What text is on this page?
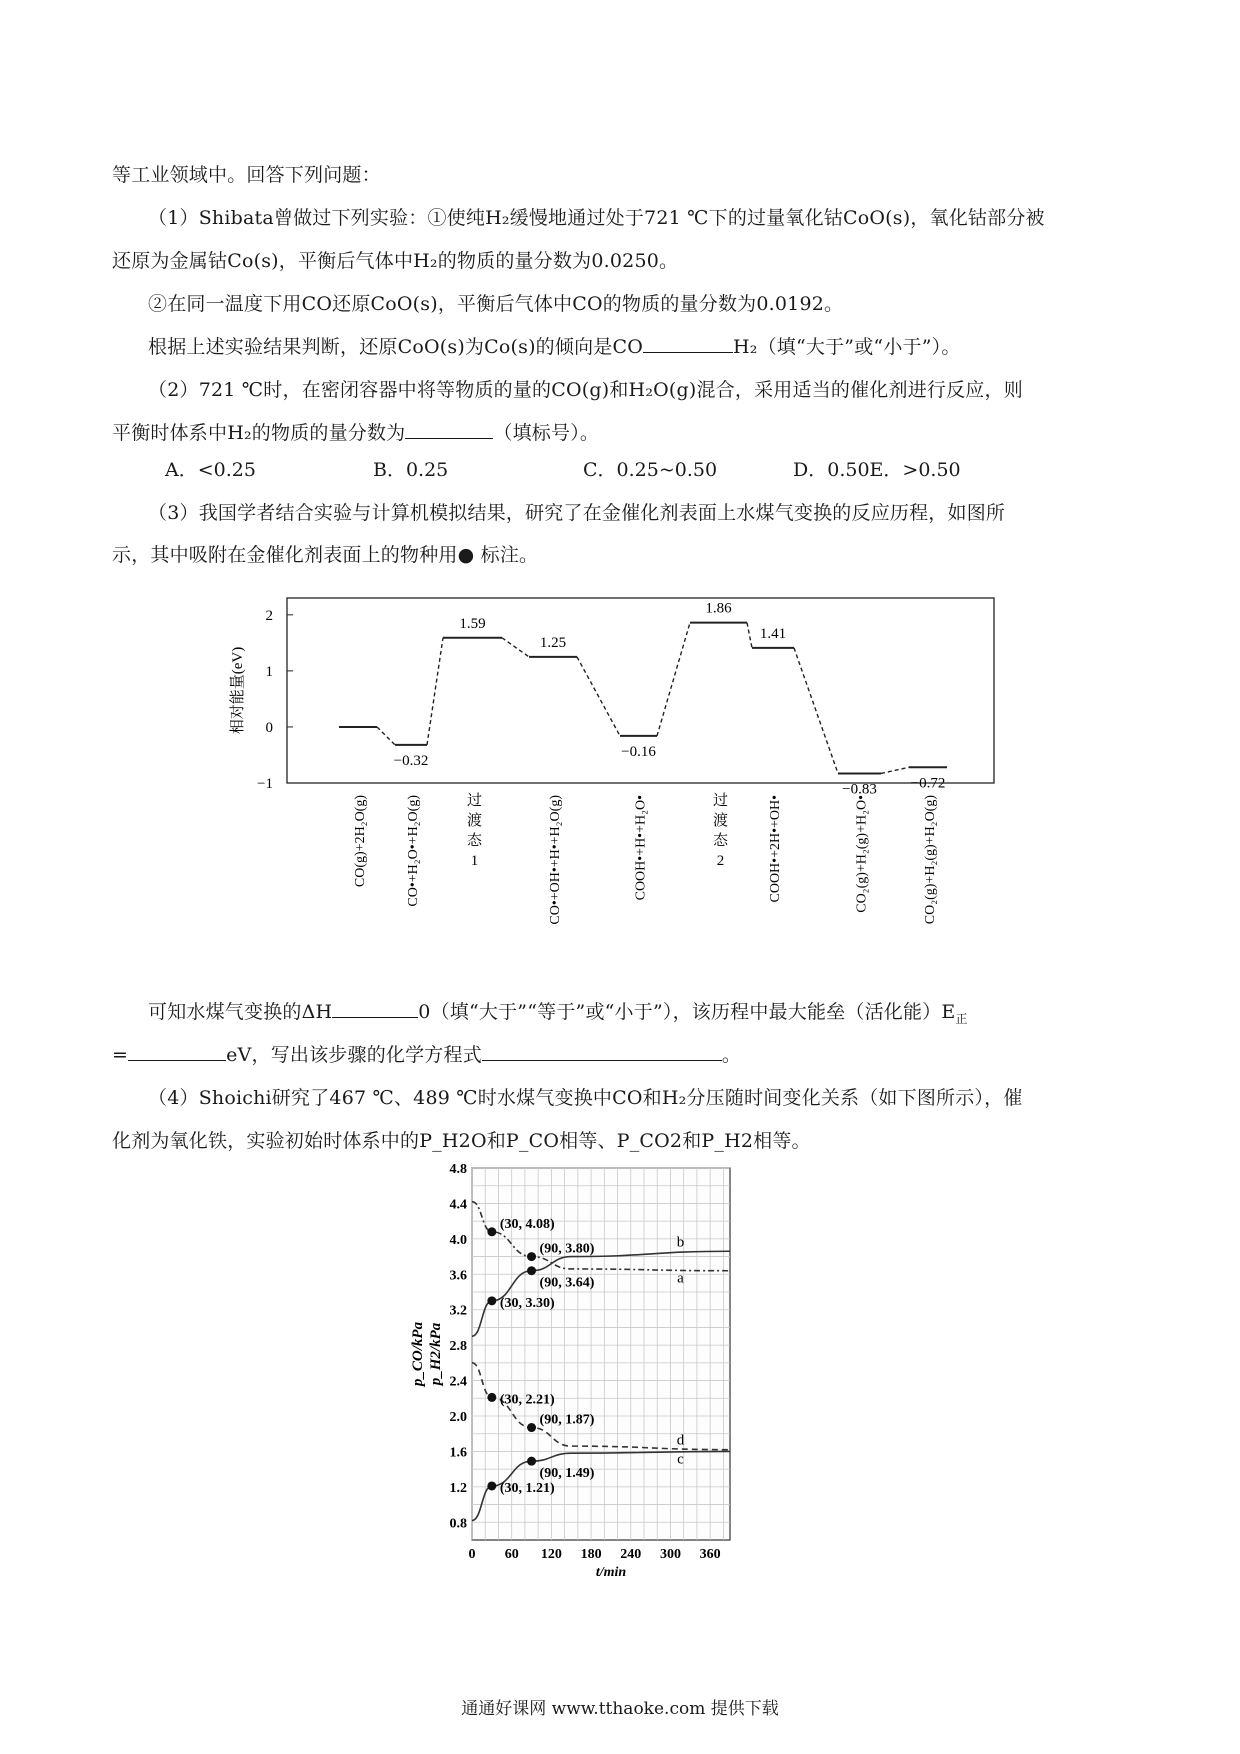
等工业领域中。回答下列问题：
（1）Shibata曾做过下列实验：①使纯H₂缓慢地通过处于721 ℃下的过量氧化钴CoO(s)，氧化钴部分被
还原为金属钴Co(s)，平衡后气体中H₂的物质的量分数为0.0250。
②在同一温度下用CO还原CoO(s)，平衡后气体中CO的物质的量分数为0.0192。
根据上述实验结果判断，还原CoO(s)为Co(s)的倾向是CO	H₂（填“大于”或“小于”）。
（2）721 ℃时，在密闭容器中将等物质的量的CO(g)和H₂O(g)混合，采用适当的催化剂进行反应，则
平衡时体系中H₂的物质的量分数为	（填标号）。
A．<0.25	B．0.25	C．0.25~0.50	D．0.50E．>0.50
（3）我国学者结合实验与计算机模拟结果，研究了在金催化剂表面上水煤气变换的反应历程，如图所
示，其中吸附在金催化剂表面上的物种用● 标注。
−1
0
1
2
相对能量(eV)
CO(g)+2H₂O(g)
−0.32
CO•+H₂O•+H₂O(g)
1.59
过
渡
态
1
1.25
CO•+OH•+H•+H₂O(g)
−0.16
COOH•+H•+H₂O•
1.86
过
渡
态
2
1.41
COOH•+2H•+OH•
−0.83
CO₂(g)+H₂(g)+H₂O•
−0.72
CO₂(g)+H₂(g)+H₂O(g)
可知水煤气变换的ΔH	0（填“大于”“等于”或“小于”），该历程中最大能垒（活化能）$E_正$
=	eV，写出该步骤的化学方程式	。
（4）Shoichi研究了467 ℃、489 ℃时水煤气变换中CO和H₂分压随时间变化关系（如下图所示），催
化剂为氧化铁，实验初始时体系中的P_H2O和P_CO相等、P_CO2和P_H2相等。
0 60 120 180 240 300 360
0.8
1.2
1.6
2.0
2.4
2.8
3.2
3.6
4.0
4.4
4.8
t/min
p_CO/kPa p_H2/kPa
a
b
c
d
(30, 4.08)
(90, 3.80)
(90, 3.64)
(30, 3.30)
(30, 2.21)
(90, 1.87)
(90, 1.49)
(30, 1.21)
通通好课网 www.tthaoke.com 提供下载
